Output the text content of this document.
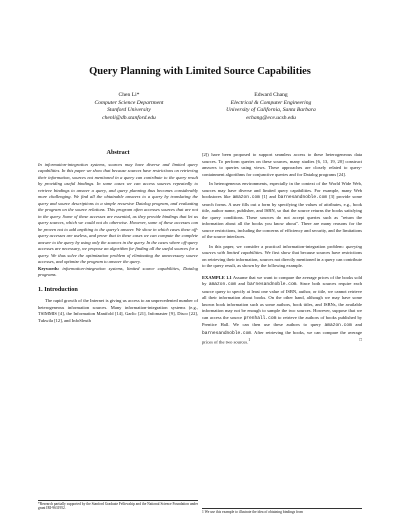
Query Planning with Limited Source Capabilities
Chen Li*
Computer Science Department
Stanford University
chenli@db.stanford.edu
Edward Chang
Electrical & Computer Engineering
University of California, Santa Barbara
echang@ece.ucsb.edu
Abstract

In information-integration systems, sources may have diverse and limited query capabilities. In this paper we show that because sources have restrictions on retrieving their information, sources not mentioned in a query can contribute to the query result by providing useful bindings. In some cases we can access sources repeatedly to retrieve bindings to answer a query, and query planning thus becomes considerably more challenging. We find all the obtainable answers to a query by translating the query and source descriptions to a simple recursive Datalog program, and evaluating the program on the source relations. This program often accesses sources that are not in the query. Some of these accesses are essential, as they provide bindings that let us query sources, which we could not do otherwise. However, some of these accesses can be proven not to add anything to the query's answer. We show in which cases these off-query accesses are useless, and prove that in these cases we can compute the complete answer to the query by using only the sources in the query. In the cases where off-query accesses are necessary, we propose an algorithm for finding all the useful sources for a query. We thus solve the optimization problem of eliminating the unnecessary source accesses, and optimize the program to answer the query.

Keywords: information-integration systems, limited source capabilities, Datalog programs.

1. Introduction

The rapid growth of the Internet is giving us access to an unprecedented number of heterogeneous information sources. Many information-integration systems (e.g., TSIMMIS [4], the Information Manifold [14], Garlic [21], Infomaster [9], Disco [22], Tukwila [12], and InfoSleuth

*Research partially supported by the Stanford Graduate Fellowship and the National Science Foundation under grant IRI-9631952.

[2]) have been proposed to support seamless access to these heterogeneous data sources. To perform queries on these sources, many studies [6, 13, 19, 20] construct answers to queries using views. These approaches are closely related to query-containment algorithms for conjunctive queries and for Datalog programs [24].

In heterogeneous environments, especially in the context of the World Wide Web, sources may have diverse and limited query capabilities. For example, many Web bookstores like amazon.com [1] and barnesandnoble.com [3] provide some search forms. A user fills out a form by specifying the values of attributes, e.g., book title, author name, publisher, and ISBN, so that the source returns the books satisfying the query conditions. These sources do not accept queries such as "return the information about all the books you know about". There are many reasons for the source restrictions, including the concerns of efficiency and security, and the limitations of the source interfaces.

In this paper, we consider a practical information-integration problem: querying sources with limited capabilities. We first show that because sources have restrictions on retrieving their information, sources not directly mentioned in a query can contribute to the query result, as shown by the following example.

EXAMPLE 1.1 Assume that we want to compare the average prices of the books sold by amazon.com and barnesandnoble.com. Since both sources require each source query to specify at least one value of ISBN, author, or title, we cannot retrieve all their information about books. On the other hand, although we may have some known book information such as some authors, book titles, and ISBNs, the available information may not be enough to sample the two sources. However, suppose that we can access the source prenhall.com to retrieve the authors of books published by Prentice Hall. We can then use these authors to query amazon.com and barnesandnoble.com. After retrieving the books, we can compare the average prices of the two sources.$^1$	□

1 We use this example to illustrate the idea of obtaining bindings from
